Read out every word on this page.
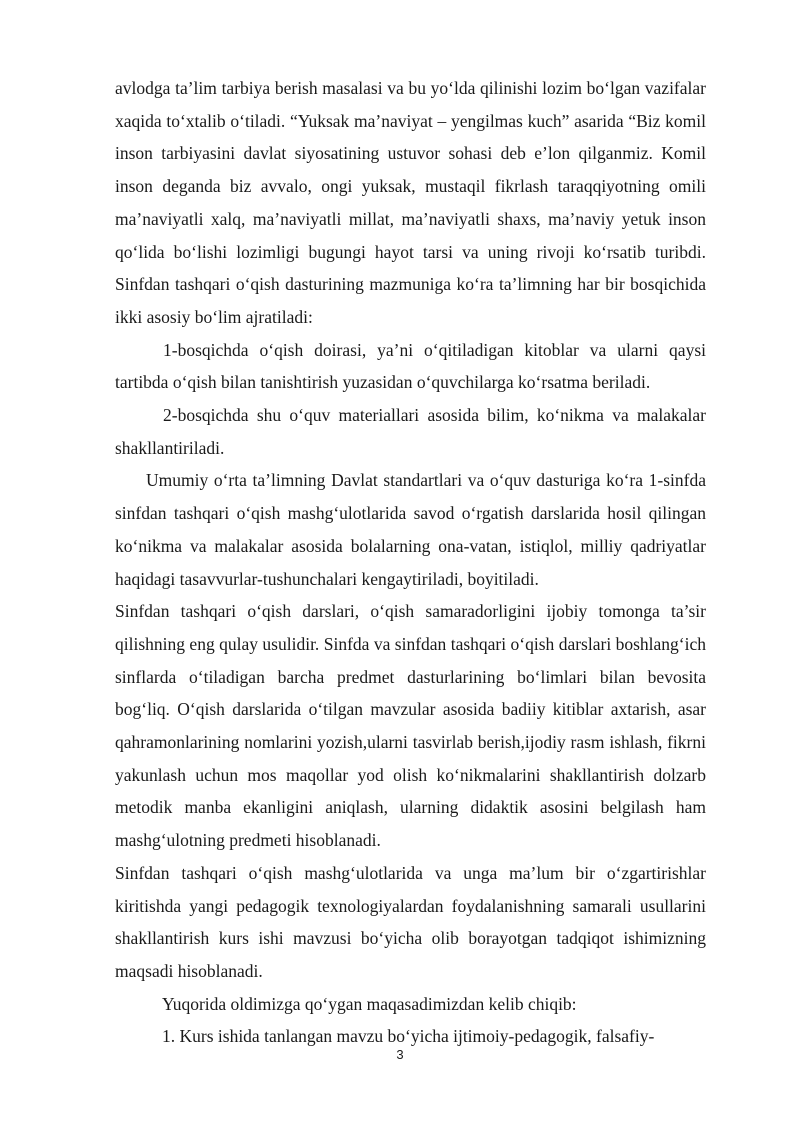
avlodga ta’lim tarbiya berish masalasi va bu yo‘lda qilinishi lozim bo‘lgan vazifalar xaqida to‘xtalib o‘tiladi. “Yuksak ma’naviyat – yengilmas kuch” asarida “Biz komil inson tarbiyasini davlat siyosatining ustuvor sohasi deb e’lon qilganmiz. Komil inson deganda biz avvalo, ongi yuksak, mustaqil fikrlash taraqqiyotning omili ma’naviyatli xalq, ma’naviyatli millat, ma’naviyatli shaxs, ma’naviy yetuk inson qo‘lida bo‘lishi lozimligi bugungi hayot tarsi va uning rivoji ko‘rsatib turibdi. Sinfdan tashqari o‘qish dasturining mazmuniga ko‘ra ta’limning har bir bosqichida ikki asosiy bo‘lim ajratiladi:

1-bosqichda o‘qish doirasi, ya’ni o‘qitiladigan kitoblar va ularni qaysi tartibda o‘qish bilan tanishtirish yuzasidan o‘quvchilarga ko‘rsatma beriladi.

2-bosqichda shu o‘quv materiallari asosida bilim, ko‘nikma va malakalar shakllantiriladi.

Umumiy o‘rta ta’limning Davlat standartlari va o‘quv dasturiga ko‘ra 1-sinfda sinfdan tashqari o‘qish mashg‘ulotlarida savod o‘rgatish darslarida hosil qilingan ko‘nikma va malakalar asosida bolalarning ona-vatan, istiqlol, milliy qadriyatlar haqidagi tasavvurlar-tushunchalari kengaytiriladi, boyitiladi.

Sinfdan tashqari o‘qish darslari, o‘qish samaradorligini ijobiy tomonga ta’sir qilishning eng qulay usulidir. Sinfda va sinfdan tashqari o‘qish darslari boshlang‘ich sinflarda o‘tiladigan barcha predmet dasturlarining bo‘limlari bilan bevosita bog‘liq. O‘qish darslarida o‘tilgan mavzular asosida badiiy kitiblar axtarish, asar qahramonlarining nomlarini yozish,ularni tasvirlab berish,ijodiy rasm ishlash, fikrni yakunlash uchun mos maqollar yod olish ko‘nikmalarini shakllantirish dolzarb metodik manba ekanligini aniqlash, ularning didaktik asosini belgilash ham mashg‘ulotning predmeti hisoblanadi.

Sinfdan tashqari o‘qish mashg‘ulotlarida va unga ma’lum bir o‘zgartirishlar kiritishda yangi pedagogik texnologiyalardan foydalanishning samarali usullarini shakllantirish kurs ishi mavzusi bo‘yicha olib borayotgan tadqiqot ishimizning maqsadi hisoblanadi.

Yuqorida oldimizga qo‘ygan maqasadimizdan kelib chiqib:

1. Kurs ishida tanlangan mavzu bo‘yicha ijtimoiy-pedagogik, falsafiy-

3
